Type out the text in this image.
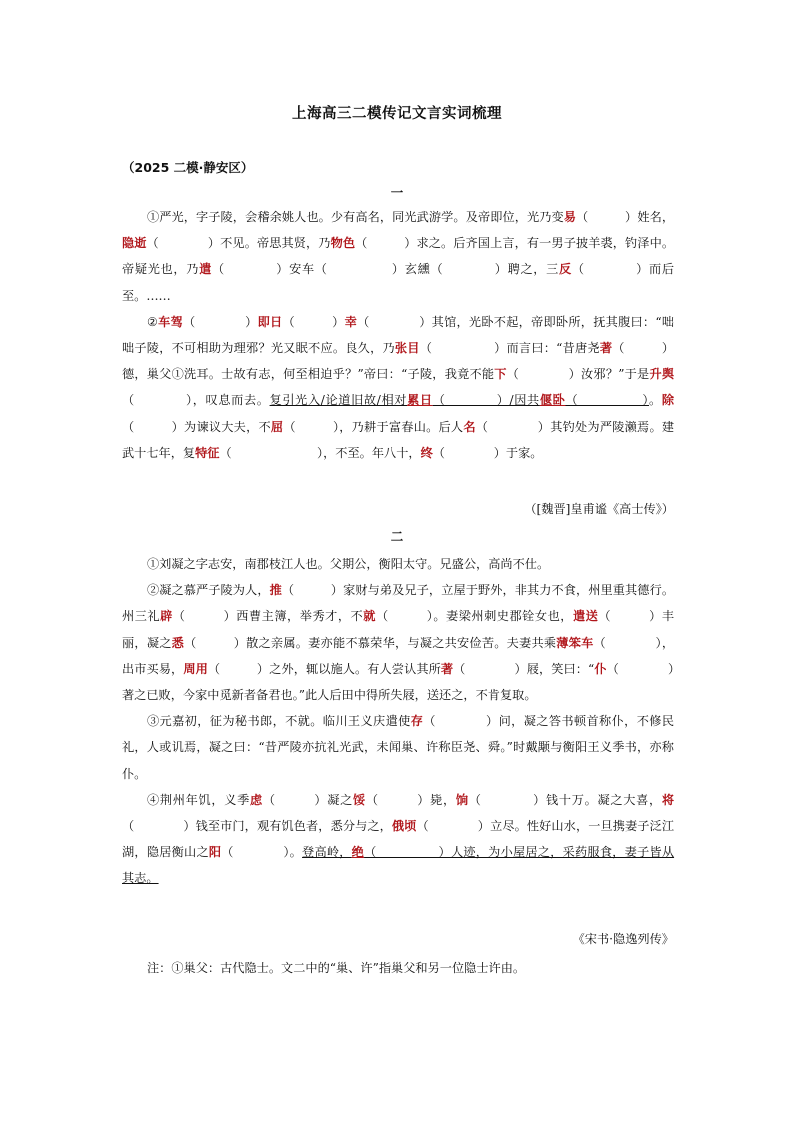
上海高三二模传记文言实词梳理
（2025 二模·静安区）
一

①严光，字子陵，会稽余姚人也。少有高名，同光武游学。及帝即位，光乃变易（　　　）姓名，隐逝（　　　　）不见。帝思其贤，乃物色（　　　）求之。后齐国上言，有一男子披羊裘，钓泽中。帝疑光也，乃遣（　　　　）安车（　　　　　）玄纁（　　　　）聘之，三反（　　　　）而后至。……

②车驾（　　　　）即日（　　　）幸（　　　　）其馆，光卧不起，帝即卧所，抚其腹曰：“咄咄子陵，不可相助为理邪？光又眠不应。良久，乃张目（　　　　　）而言曰：“昔唐尧著（　　　）德，巢父①洗耳。士故有志，何至相迫乎？”帝曰：“子陵，我竟不能下（　　　　）汝邪？”于是升舆（　　　　），叹息而去。复引光入/论道旧故/相对累日（　　　　）/因共偃卧（　　　　　）。除（　　　）为谏议大夫，不屈（　　　），乃耕于富春山。后人名（　　　　）其钓处为严陵濑焉。建武十七年，复特征（　　　　　　　），不至。年八十，终（　　　　）于家。

（[魏晋]皇甫谧《高士传》）
二

①刘凝之字志安，南郡枝江人也。父期公，衡阳太守。兄盛公，高尚不仕。

②凝之慕严子陵为人，推（　　　）家财与弟及兄子，立屋于野外，非其力不食，州里重其德行。州三礼辟（　　　）西曹主簿，举秀才，不就（　　　）。妻梁州刺史郡铨女也，遣送（　　　）丰丽，凝之悉（　　　）散之亲属。妻亦能不慕荣华，与凝之共安俭苦。夫妻共乘薄笨车（　　　　），出市买易，周用（　　　）之外，辄以施人。有人尝认其所著（　　　　）屐，笑曰：“仆（　　　　）著之已败，今家中觅新者备君也。”此人后田中得所失屐，送还之，不肯复取。

③元嘉初，征为秘书郎，不就。临川王义庆遣使存（　　　　）问，凝之答书顿首称仆，不修民礼，人或讥焉，凝之曰：“昔严陵亦抗礼光武，未闻巢、许称臣尧、舜。”时戴颙与衡阳王义季书，亦称仆。

④荆州年饥，义季虑（　　　）凝之馁（　　　）毙，饷（　　　　）钱十万。凝之大喜，将（　　　　）钱至市门，观有饥色者，悉分与之，俄顷（　　　　）立尽。性好山水，一旦携妻子泛江湖，隐居衡山之阳（　　　　）。登高岭，绝（　　　　　）人迹，为小屋居之，采药服食，妻子皆从其志。

《宋书·隐逸列传》
注：①巢父：古代隐士。文二中的“巢、许”指巢父和另一位隐士许由。
